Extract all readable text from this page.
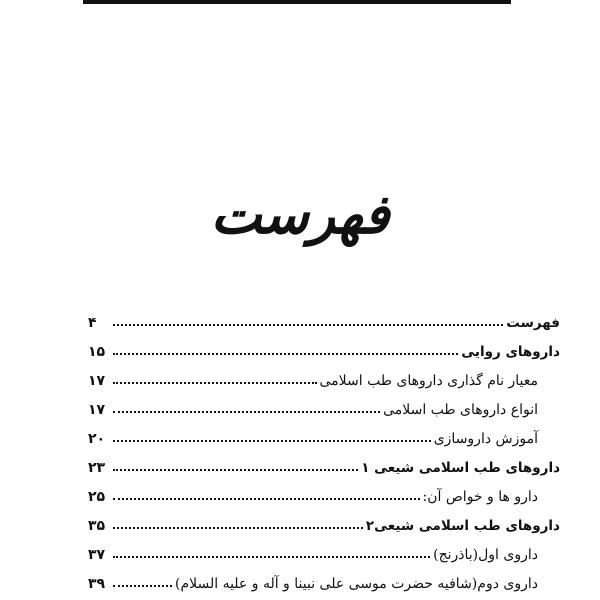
فهرست
فهرست
۴
داروهای روایی
۱۵
معیار نام گذاری داروهای طب اسلامی
۱۷
انواع داروهای طب اسلامی
۱۷
آموزش داروسازی
۲۰
داروهای طب اسلامی شیعی ۱
۲۳
دارو ها و خواص آن:
۲۵
داروهای طب اسلامی شیعی۲
۳۵
داروی اول(باذرنج)
۳۷
داروی دوم(شافیه حضرت موسی علی نبینا و آله و علیه السلام)
۳۹
